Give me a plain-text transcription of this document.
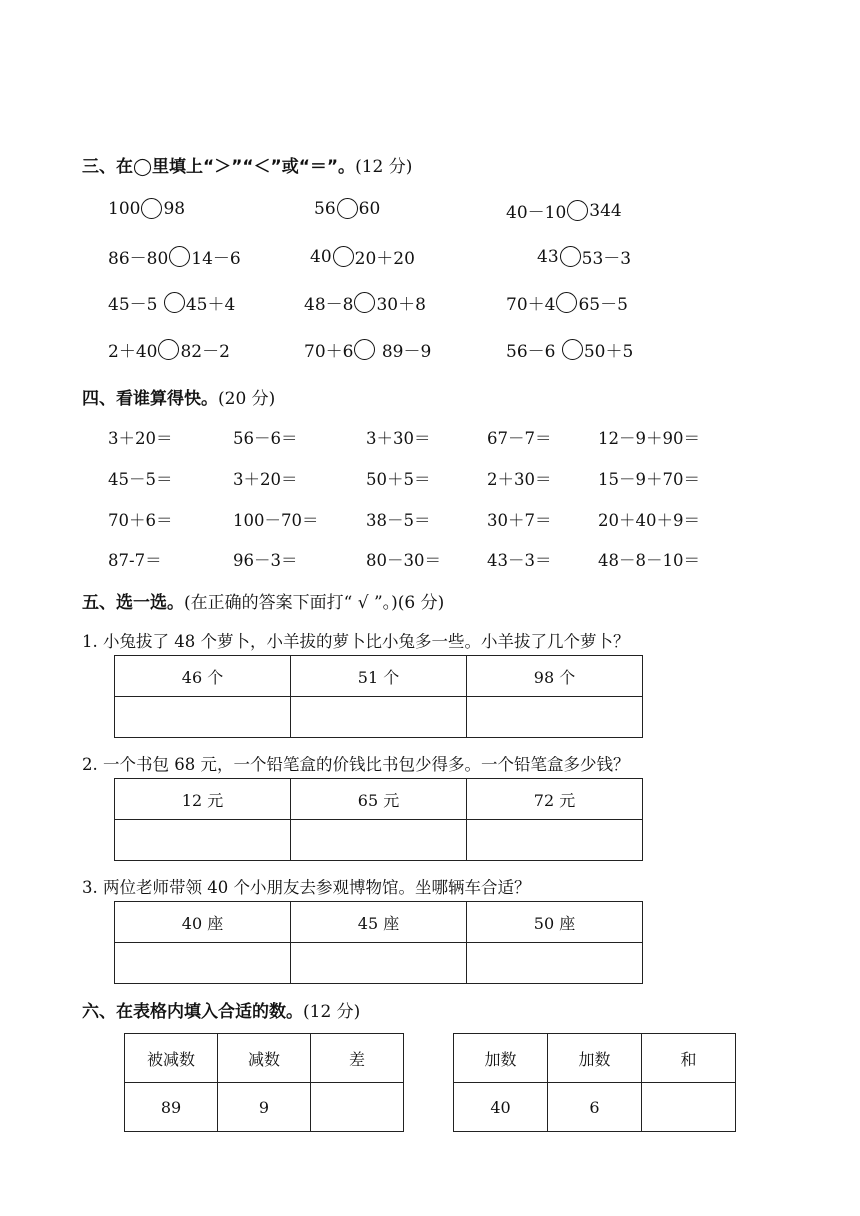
三、在◯里填上“＞”“＜”或“＝”。(12 分)
100 98	56 60	40－10 344
86－80 14－6	40 20＋20	43 53－3
45－5 45＋4	48－8 30＋8	70＋4 65－5
2＋40 82－2	70＋6 89－9	56－6 50＋5
四、看谁算得快。(20 分)
3＋20＝	56－6＝	3＋30＝	67－7＝	12－9＋90＝
45－5＝	3＋20＝	50＋5＝	2＋30＝	15－9＋70＝
70＋6＝	100－70＝	38－5＝	30＋7＝	20＋40＋9＝
87-7＝	96－3＝	80－30＝	43－3＝	48－8－10＝
五、选一选。(在正确的答案下面打“ √ ”。)(6 分)
1. 小兔拔了 48 个萝卜，小羊拔的萝卜比小兔多一些。小羊拔了几个萝卜？
46 个	51 个	98 个

2. 一个书包 68 元，一个铅笔盒的价钱比书包少得多。一个铅笔盒多少钱？
12 元	65 元	72 元

3. 两位老师带领 40 个小朋友去参观博物馆。坐哪辆车合适？
40 座	45 座	50 座

六、在表格内填入合适的数。(12 分)
被减数	减数	差
89	9	
加数	加数	和
40	6	
